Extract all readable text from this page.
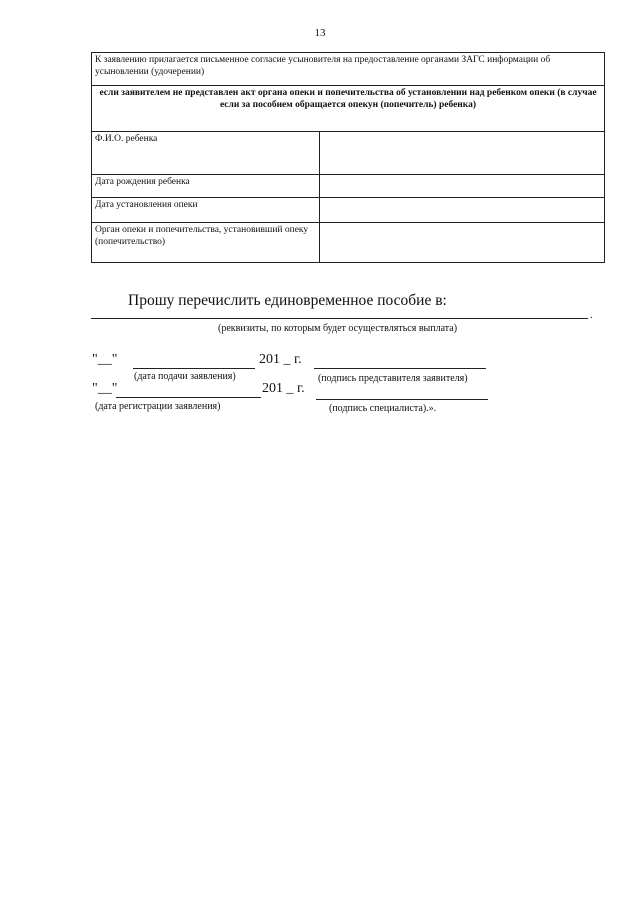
13
К заявлению прилагается письменное согласие усыновителя на предоставление органами ЗАГС информации об усыновлении (удочерении)	
если заявителем не представлен акт органа опеки и попечительства об установлении над ребенком опеки (в случае если за пособием обращается опекун (попечитель) ребенка)	
Ф.И.О. ребенка	
Дата рождения ребенка	
Дата установления опеки	
Орган опеки и попечительства, установивший опеку (попечительство)	
Прошу перечислить единовременное пособие в:
.
(реквизиты, по которым будет осуществляться выплата)
"__"	201 _ г.
(дата подачи заявления)	(подпись представителя заявителя)
"__"	201 _ г.
(дата регистрации заявления)	(подпись специалиста).».
